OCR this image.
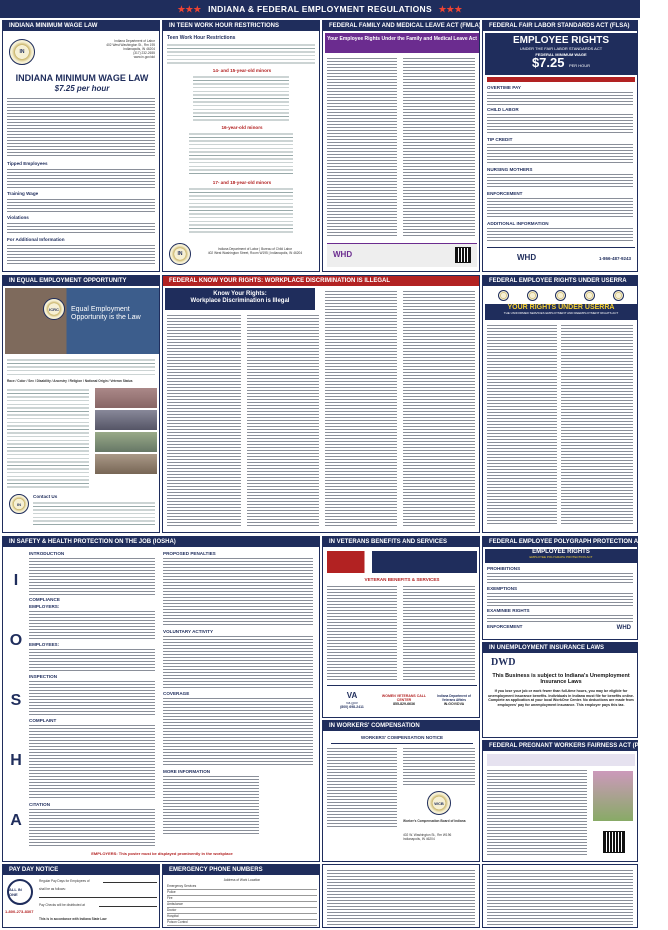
★★★ INDIANA & FEDERAL EMPLOYMENT REGULATIONS ★★★
INDIANA MINIMUM WAGE LAW
IN
Indiana Department of Labor
402 West Washington St., Rm 195
Indianapolis, IN 46204
(317) 232-2655
www.in.gov/dol
INDIANA MINIMUM WAGE LAW
$7.25 per hour
Tipped Employees
Training Wage
Violations
For Additional Information
IN TEEN WORK HOUR RESTRICTIONS
Teen Work Hour Restrictions
14- and 15-year-old minors
16-year-old minors
17- and 18-year-old minors
IN
Indiana Department of Labor | Bureau of Child Labor
402 West Washington Street, Room W195 | Indianapolis, IN 46204
FEDERAL FAMILY AND MEDICAL LEAVE ACT (FMLA)
Your Employee Rights Under the Family and Medical Leave Act
WHD
FEDERAL FAIR LABOR STANDARDS ACT (FLSA)
EMPLOYEE RIGHTS
UNDER THE FAIR LABOR STANDARDS ACT
FEDERAL MINIMUM WAGE
$7.25 PER HOUR
OVERTIME PAY
CHILD LABOR
TIP CREDIT
NURSING MOTHERS
ENFORCEMENT
ADDITIONAL INFORMATION
WHD	1-866-487-9243
IN EQUAL EMPLOYMENT OPPORTUNITY
ICRC	Equal Employment Opportunity is the Law
Race / Color / Sex / Disability / Ancestry / Religion / National Origin / Veteran Status
IN
Contact Us
FEDERAL KNOW YOUR RIGHTS: WORKPLACE DISCRIMINATION IS ILLEGAL
Know Your Rights:
Workplace Discrimination is Illegal
FEDERAL EMPLOYEE RIGHTS UNDER USERRA
YOUR RIGHTS UNDER USERRA
THE UNIFORMED SERVICES EMPLOYMENT AND REEMPLOYMENT RIGHTS ACT
IN SAFETY & HEALTH PROTECTION ON THE JOB (IOSHA)
I
O
S
H
A
INTRODUCTION
COMPLIANCE
EMPLOYERS:
EMPLOYEES:
INSPECTION
COMPLAINT
CITATION
PROPOSED PENALTIES
VOLUNTARY ACTIVITY
COVERAGE
MORE INFORMATION
EMPLOYERS: This poster must be displayed prominently in the workplace
IN VETERANS BENEFITS AND SERVICES
VETERAN BENEFITS & SERVICES
VA
va.gov
(800) 698-2411
WOMEN VETERANS CALL CENTER
855-829-6636
Indiana Department of Veterans Affairs
IN.GOV/DVA
IN WORKERS' COMPENSATION
WORKERS' COMPENSATION NOTICE
WCB
Worker's Compensation Board of Indiana
402 W. Washington St., Rm W196
Indianapolis, IN 46204
FEDERAL EMPLOYEE POLYGRAPH PROTECTION ACT (EPPA)
EMPLOYEE RIGHTS
EMPLOYEE POLYGRAPH PROTECTION ACT
PROHIBITIONS
EXEMPTIONS
EXAMINEE RIGHTS
ENFORCEMENT	WHD
IN UNEMPLOYMENT INSURANCE LAWS
DWD
This Business is subject to Indiana's Unemployment Insurance Laws
If you lose your job or work fewer than full-time hours, you may be eligible for unemployment insurance benefits. Individuals in Indiana must file for benefits online. Complete an application at your local WorkOne Center. No deductions are made from employees' pay for unemployment insurance. This employer pays this tax.
FEDERAL PREGNANT WORKERS FAIRNESS ACT (PWFA)
PAY DAY NOTICE
ALL IN ONE
1-800-273-8307
Regular Pay Days for Employees of
shall be as follows:
Pay Checks will be distributed at
This is in accordance with Indiana State Law
EMERGENCY PHONE NUMBERS
Address of Work Location
Emergency Services
Police
Fire
Ambulance
Doctor
Hospital
Poison Control
